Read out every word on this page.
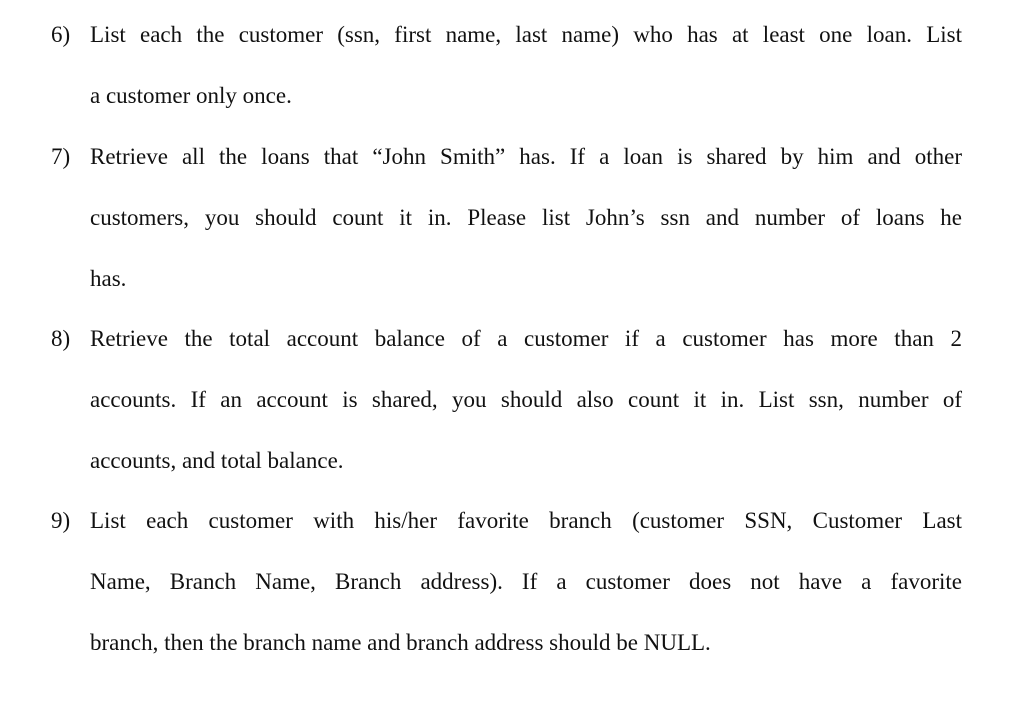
6) List each the customer (ssn, first name, last name) who has at least one loan. List
a customer only once.
7) Retrieve all the loans that “John Smith” has. If a loan is shared by him and other
customers, you should count it in. Please list John’s ssn and number of loans he
has.
8) Retrieve the total account balance of a customer if a customer has more than 2
accounts. If an account is shared, you should also count it in. List ssn, number of
accounts, and total balance.
9) List each customer with his/her favorite branch (customer SSN, Customer Last
Name, Branch Name, Branch address). If a customer does not have a favorite
branch, then the branch name and branch address should be NULL.
